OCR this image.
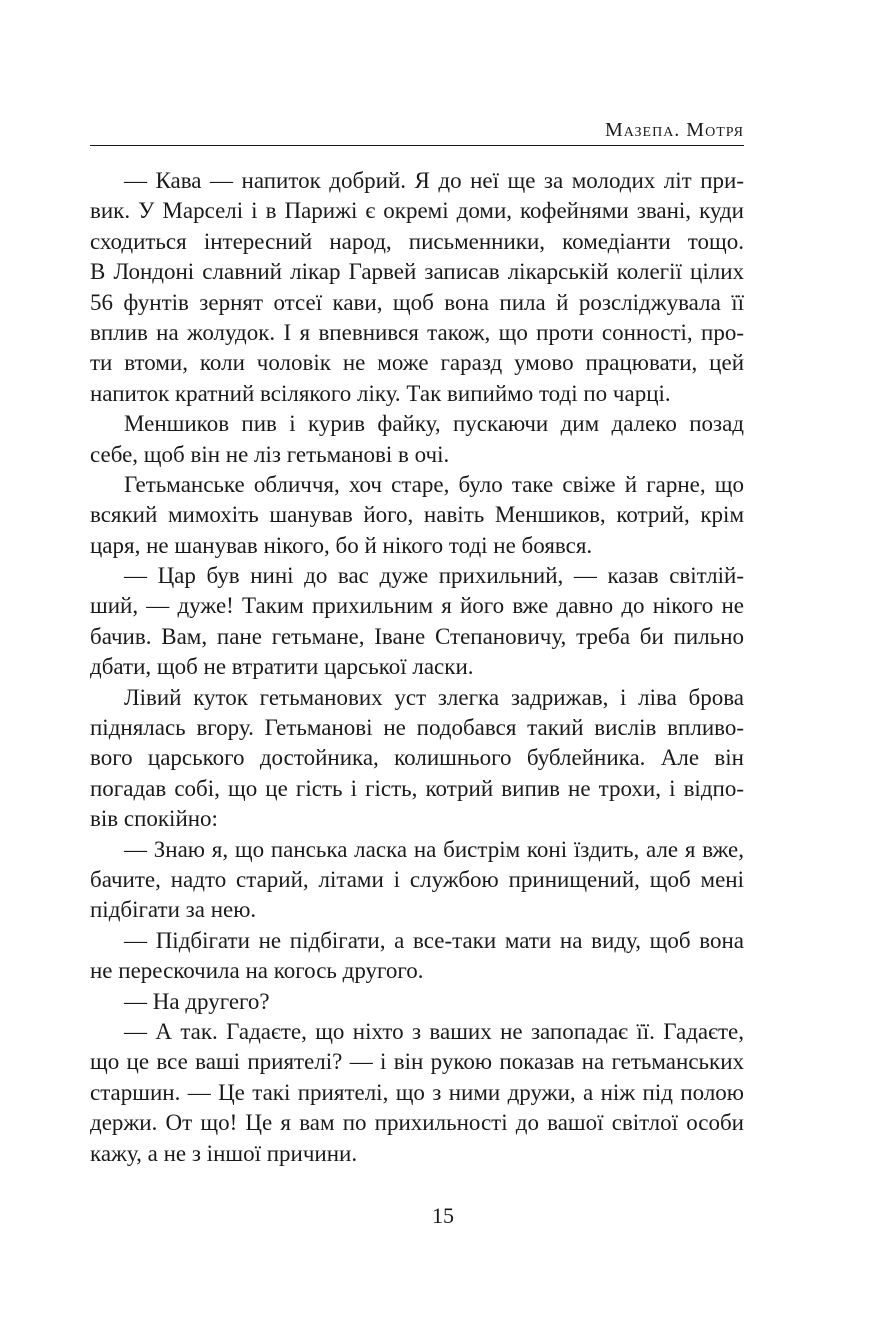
Мазепа. Мотря
— Кава — напиток добрий. Я до неї ще за молодих літ при-
вик. У Марселі і в Парижі є окремі доми, кофейнями звані, куди
сходиться інтересний народ, письменники, комедіанти тощо.
В Лондоні славний лікар Гарвей записав лікарській колегії цілих
56 фунтів зернят отсеї кави, щоб вона пила й розсліджувала її
вплив на жолудок. І я впевнився також, що проти сонності, про-
ти втоми, коли чоловік не може гаразд умово працювати, цей
напиток кратний всілякого ліку. Так випиймо тоді по чарці.
Меншиков пив і курив файку, пускаючи дим далеко позад
себе, щоб він не ліз гетьманові в очі.
Гетьманське обличчя, хоч старе, було таке свіже й гарне, що
всякий мимохіть шанував його, навіть Меншиков, котрий, крім
царя, не шанував нікого, бо й нікого тоді не боявся.
— Цар був нині до вас дуже прихильний, — казав світлій-
ший, — дуже! Таким прихильним я його вже давно до нікого не
бачив. Вам, пане гетьмане, Іване Степановичу, треба би пильно
дбати, щоб не втратити царської ласки.
Лівий куток гетьманових уст злегка задрижав, і ліва брова
піднялась вгору. Гетьманові не подобався такий вислів впливо-
вого царського достойника, колишнього бублейника. Але він
погадав собі, що це гість і гість, котрий випив не трохи, і відпо-
вів спокійно:
— Знаю я, що панська ласка на бистрім коні їздить, але я вже,
бачите, надто старий, літами і службою принищений, щоб мені
підбігати за нею.
— Підбігати не підбігати, а все-таки мати на виду, щоб вона
не перескочила на когось другого.
— На другего?
— А так. Гадаєте, що ніхто з ваших не запопадає її. Гадаєте,
що це все ваші приятелі? — і він рукою показав на гетьманських
старшин. — Це такі приятелі, що з ними дружи, а ніж під полою
держи. От що! Це я вам по прихильності до вашої світлої особи
кажу, а не з іншої причини.
15
